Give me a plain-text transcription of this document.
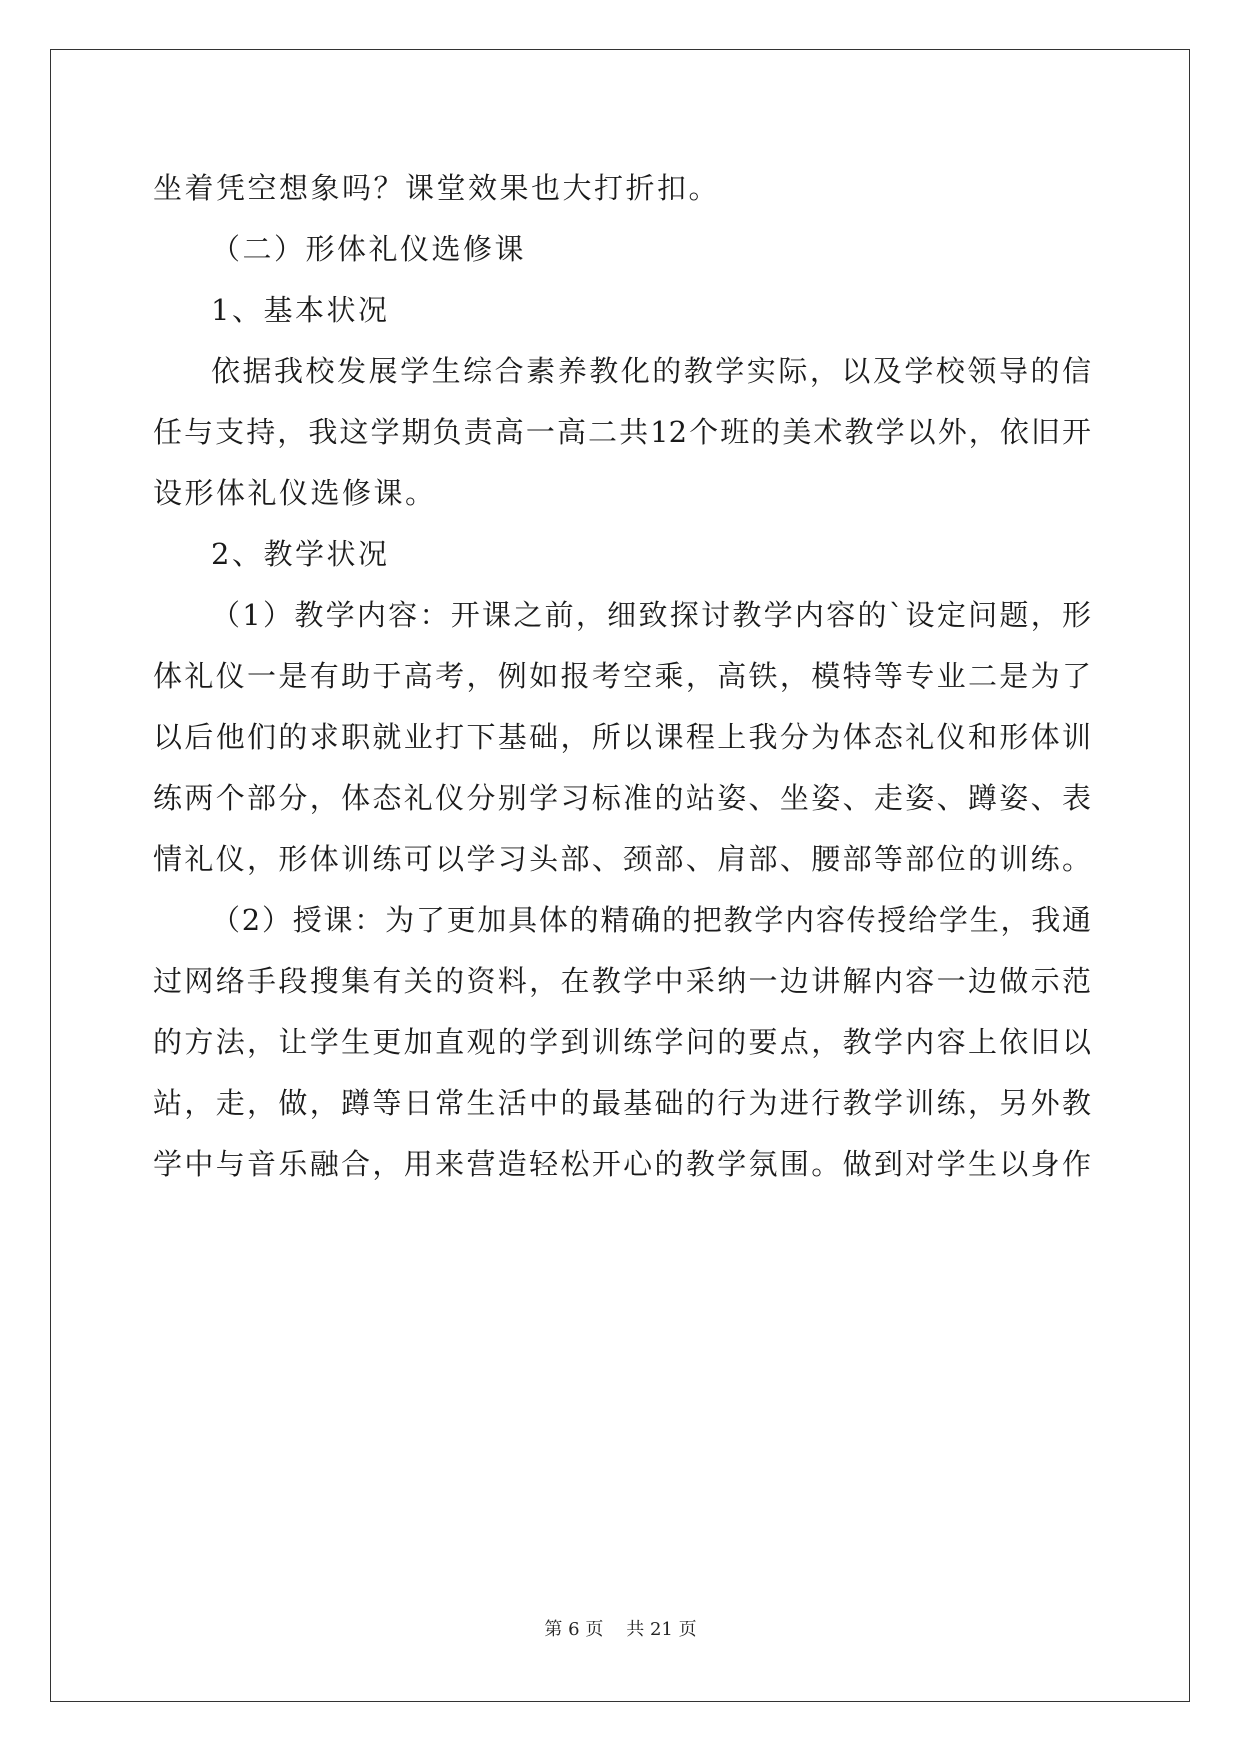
坐着凭空想象吗？课堂效果也大打折扣。
（二）形体礼仪选修课
1、基本状况
依据我校发展学生综合素养教化的教学实际，以及学校领导的信
任与支持，我这学期负责高一高二共12个班的美术教学以外，依旧开
设形体礼仪选修课。
2、教学状况
（1）教学内容：开课之前，细致探讨教学内容的`设定问题，形
体礼仪一是有助于高考，例如报考空乘，高铁，模特等专业二是为了
以后他们的求职就业打下基础，所以课程上我分为体态礼仪和形体训
练两个部分，体态礼仪分别学习标准的站姿、坐姿、走姿、蹲姿、表
情礼仪，形体训练可以学习头部、颈部、肩部、腰部等部位的训练。
（2）授课：为了更加具体的精确的把教学内容传授给学生，我通
过网络手段搜集有关的资料，在教学中采纳一边讲解内容一边做示范
的方法，让学生更加直观的学到训练学问的要点，教学内容上依旧以
站，走，做，蹲等日常生活中的最基础的行为进行教学训练，另外教
学中与音乐融合，用来营造轻松开心的教学氛围。做到对学生以身作
第 6 页 共 21 页
